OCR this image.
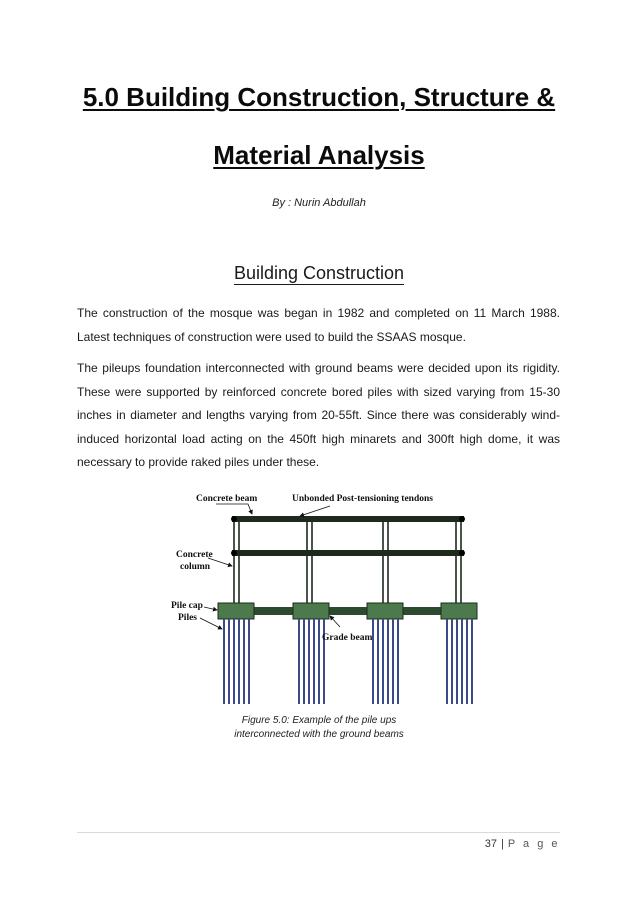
5.0 Building Construction, Structure &
Material Analysis
By : Nurin Abdullah
Building Construction

The construction of the mosque was began in 1982 and completed on 11 March 1988. Latest techniques of construction were used to build the SSAAS mosque.

The pileups foundation interconnected with ground beams were decided upon its rigidity. These were supported by reinforced concrete bored piles with sized varying from 15-30 inches in diameter and lengths varying from 20-55ft. Since there was considerably wind-induced horizontal load acting on the 450ft high minarets and 300ft high dome, it was necessary to provide raked piles under these.

Concrete beam	Unbonded Post-tensioning tendons
Concrete
column
Pile cap
Piles
Grade beam
Figure 5.0: Example of the pile ups
interconnected with the ground beams
37 | P a g e
